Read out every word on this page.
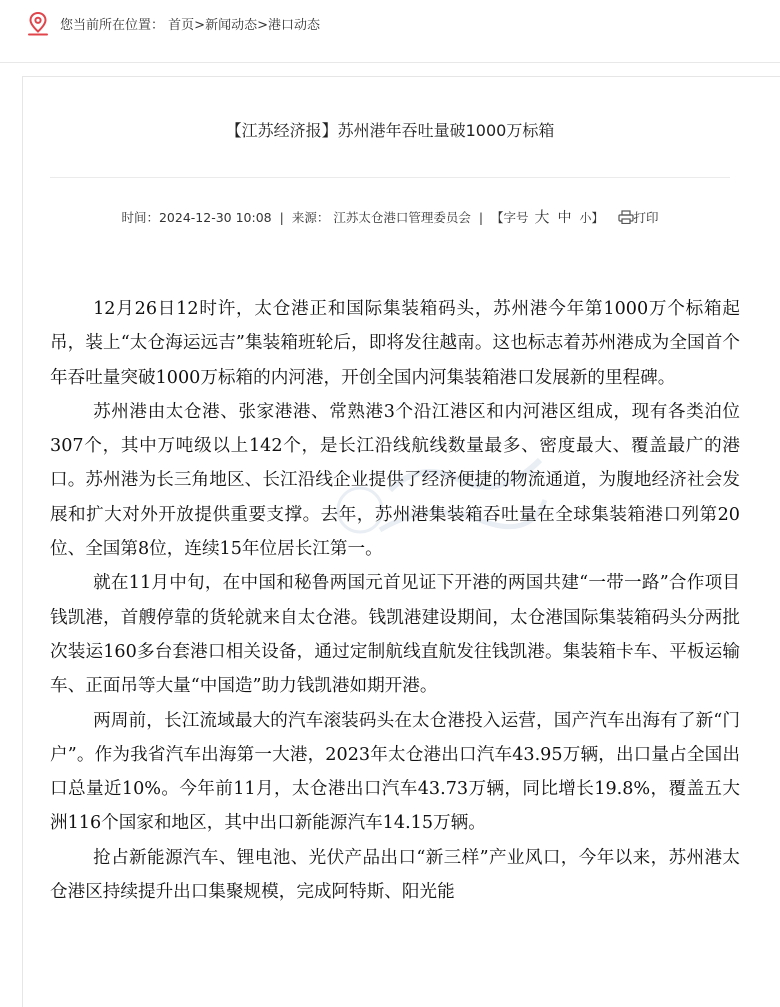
您当前所在位置： 首页>新闻动态>港口动态
【江苏经济报】苏州港年吞吐量破1000万标箱
时间：2024-12-30 10:08 | 来源： 江苏太仓港口管理委员会 | 【字号 大 中 小】 打印

12月26日12时许，太仓港正和国际集装箱码头，苏州港今年第1000万个标箱起吊，装上“太仓海运远吉”集装箱班轮后，即将发往越南。这也标志着苏州港成为全国首个年吞吐量突破1000万标箱的内河港，开创全国内河集装箱港口发展新的里程碑。

苏州港由太仓港、张家港港、常熟港3个沿江港区和内河港区组成，现有各类泊位307个，其中万吨级以上142个，是长江沿线航线数量最多、密度最大、覆盖最广的港口。苏州港为长三角地区、长江沿线企业提供了经济便捷的物流通道，为腹地经济社会发展和扩大对外开放提供重要支撑。去年，苏州港集装箱吞吐量在全球集装箱港口列第20位、全国第8位，连续15年位居长江第一。

就在11月中旬，在中国和秘鲁两国元首见证下开港的两国共建“一带一路”合作项目钱凯港，首艘停靠的货轮就来自太仓港。钱凯港建设期间，太仓港国际集装箱码头分两批次装运160多台套港口相关设备，通过定制航线直航发往钱凯港。集装箱卡车、平板运输车、正面吊等大量“中国造”助力钱凯港如期开港。

两周前，长江流域最大的汽车滚装码头在太仓港投入运营，国产汽车出海有了新“门户”。作为我省汽车出海第一大港，2023年太仓港出口汽车43.95万辆，出口量占全国出口总量近10%。今年前11月，太仓港出口汽车43.73万辆，同比增长19.8%，覆盖五大洲116个国家和地区，其中出口新能源汽车14.15万辆。

抢占新能源汽车、锂电池、光伏产品出口“新三样”产业风口，今年以来，苏州港太仓港区持续提升出口集聚规模，完成阿特斯、阳光能
